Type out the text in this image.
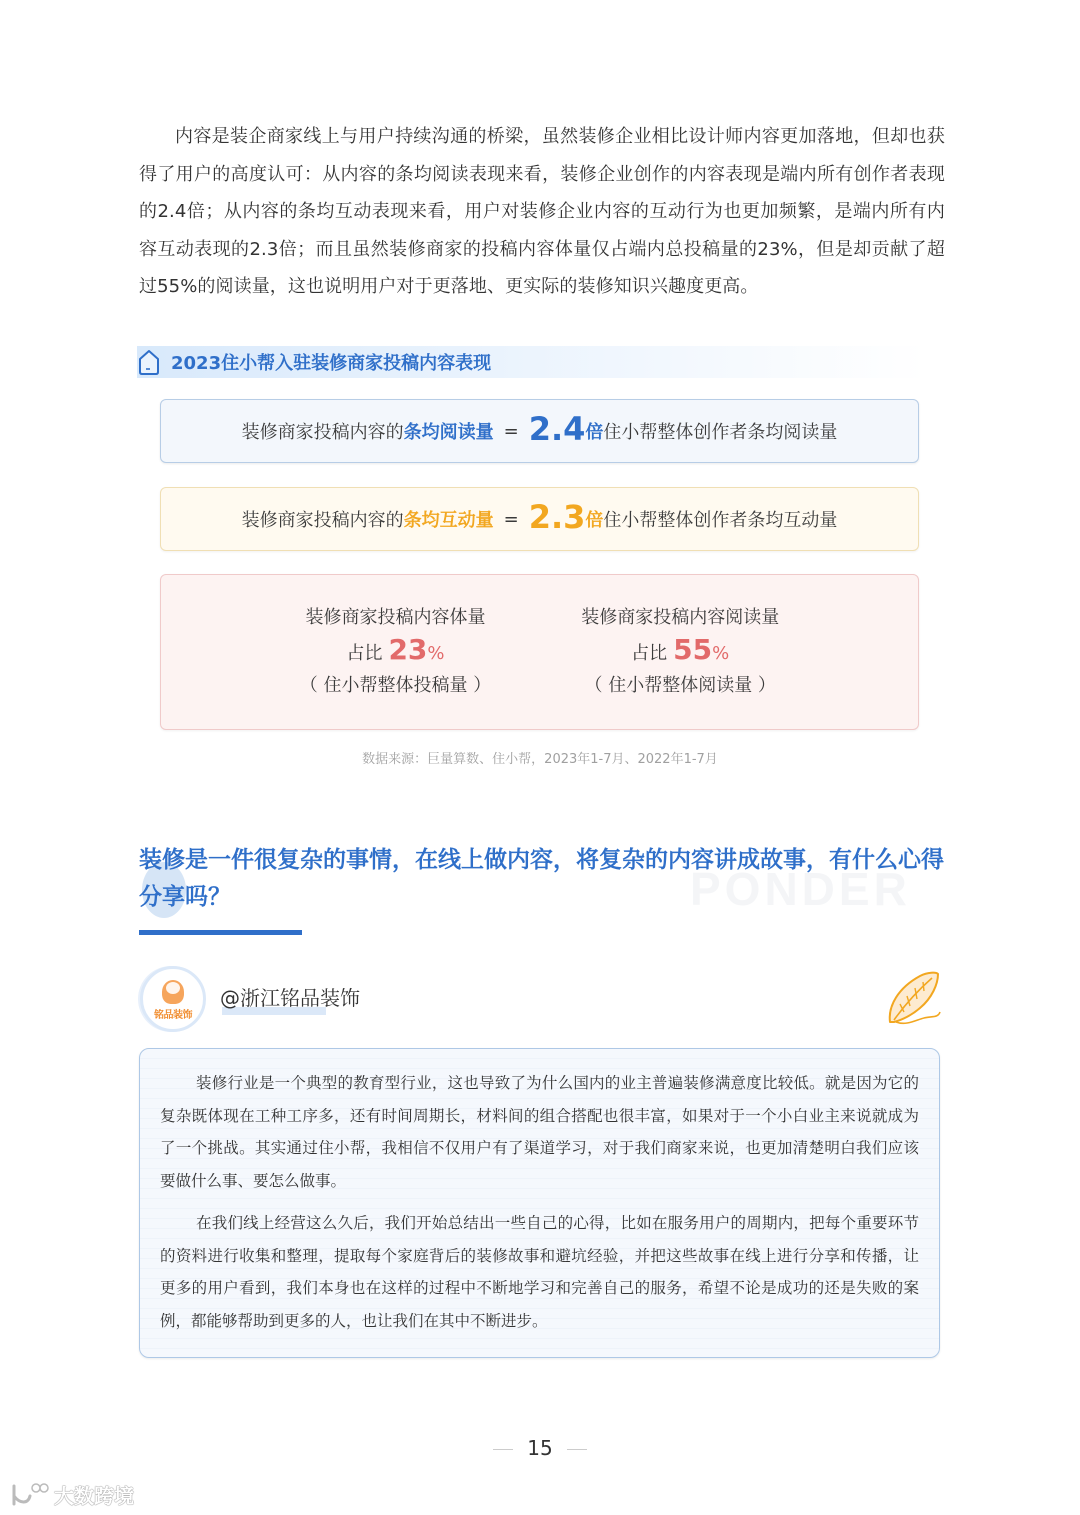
内容是装企商家线上与用户持续沟通的桥梁，虽然装修企业相比设计师内容更加落地，但却也获得了用户的高度认可：从内容的条均阅读表现来看，装修企业创作的内容表现是端内所有创作者表现的2.4倍；从内容的条均互动表现来看，用户对装修企业内容的互动行为也更加频繁，是端内所有内容互动表现的2.3倍；而且虽然装修商家的投稿内容体量仅占端内总投稿量的23%，但是却贡献了超过55%的阅读量，这也说明用户对于更落地、更实际的装修知识兴趣度更高。

2023住小帮入驻装修商家投稿内容表现
装修商家投稿内容的 条均阅读量 = 2.4 倍 住小帮整体创作者条均阅读量
装修商家投稿内容的 条均互动量 = 2.3 倍 住小帮整体创作者条均互动量
装修商家投稿内容体量
占比 23%
（ 住小帮整体投稿量 ）
装修商家投稿内容阅读量
占比 55%
（ 住小帮整体阅读量 ）
数据来源：巨量算数、住小帮，2023年1-7月、2022年1-7月
PONDER
装修是一件很复杂的事情，在线上做内容，将复杂的内容讲成故事，有什么心得分享吗？
铭品装饰
@浙江铭品装饰

装修行业是一个典型的教育型行业，这也导致了为什么国内的业主普遍装修满意度比较低。就是因为它的复杂既体现在工种工序多，还有时间周期长，材料间的组合搭配也很丰富，如果对于一个小白业主来说就成为了一个挑战。其实通过住小帮，我相信不仅用户有了渠道学习，对于我们商家来说，也更加清楚明白我们应该要做什么事、要怎么做事。

在我们线上经营这么久后，我们开始总结出一些自己的心得，比如在服务用户的周期内，把每个重要环节的资料进行收集和整理，提取每个家庭背后的装修故事和避坑经验，并把这些故事在线上进行分享和传播，让更多的用户看到，我们本身也在这样的过程中不断地学习和完善自己的服务，希望不论是成功的还是失败的案例，都能够帮助到更多的人，也让我们在其中不断进步。

15
大数跨境
